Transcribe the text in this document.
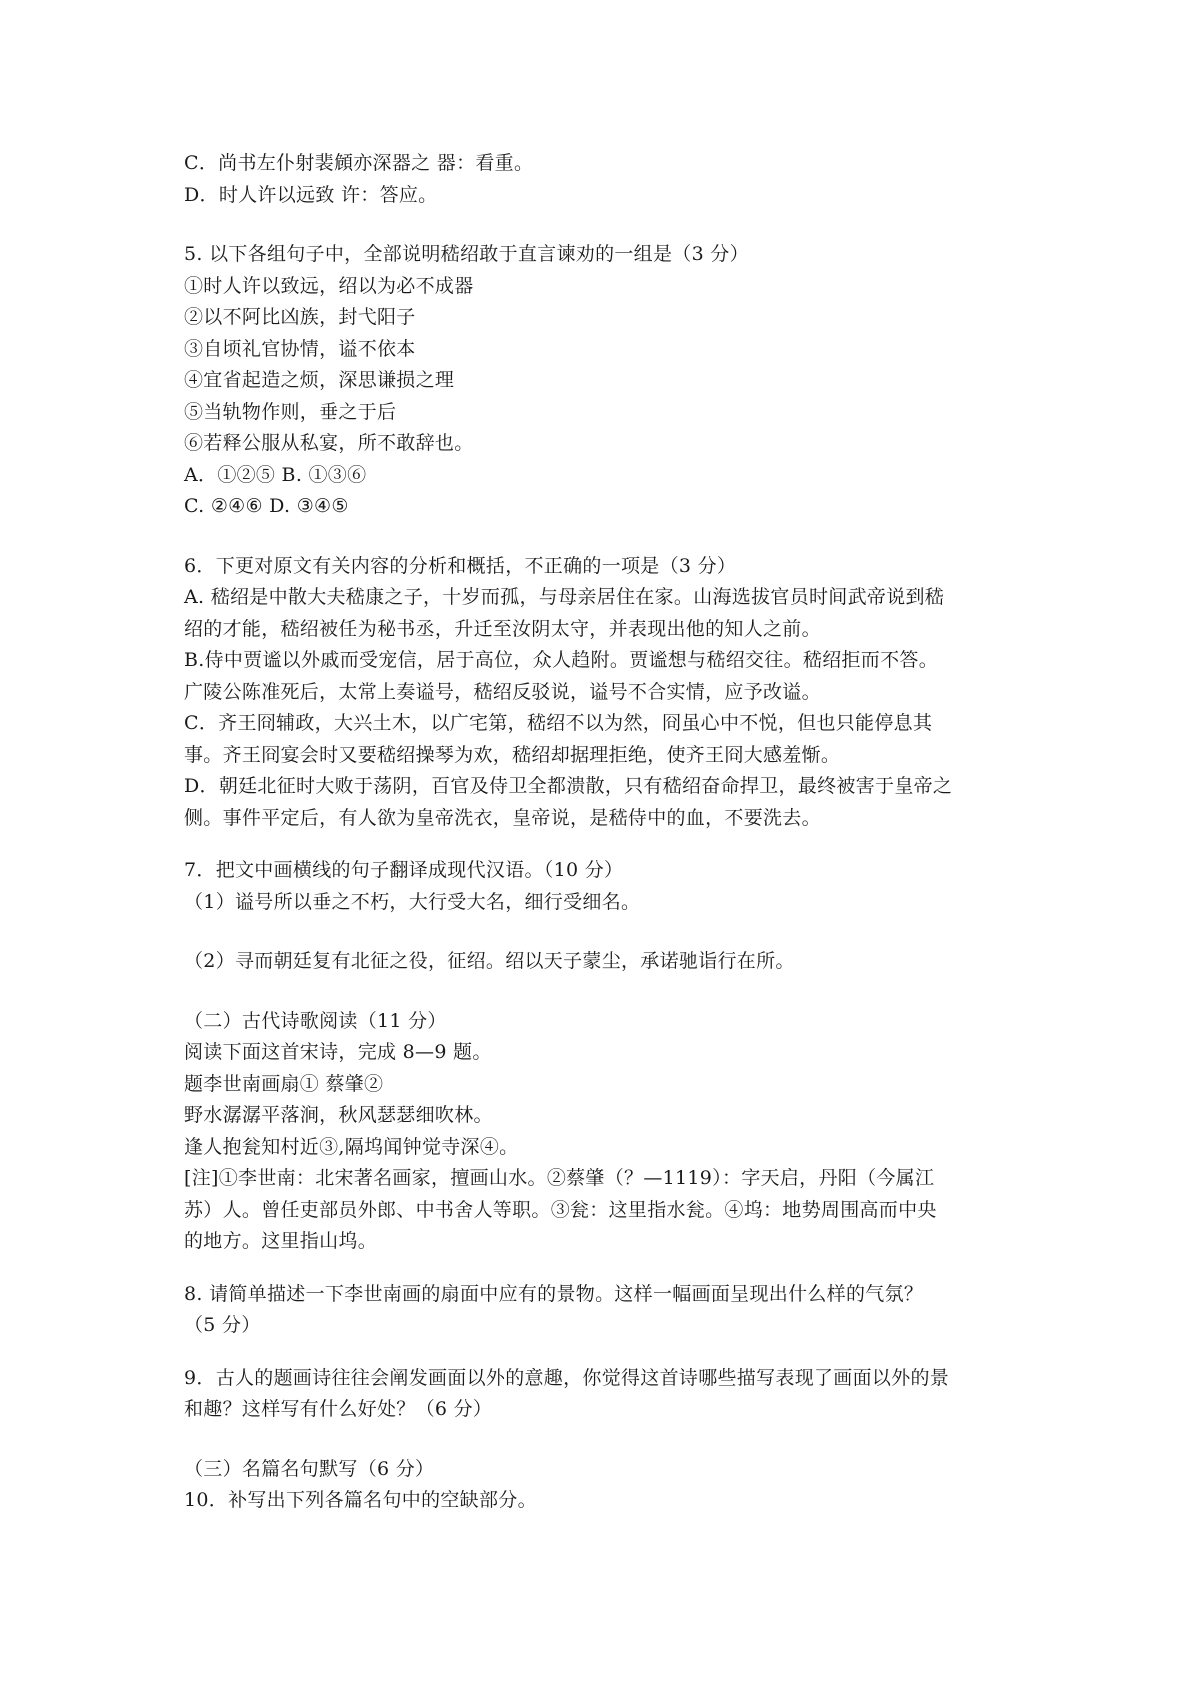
C．尚书左仆射裴頠亦深器之 器：看重。

D．时人许以远致 许：答应。

5. 以下各组句子中，全部说明嵇绍敢于直言谏劝的一组是（3 分）

①时人许以致远，绍以为必不成器

②以不阿比凶族，封弋阳子

③自顷礼官协情，谥不依本

④宜省起造之烦，深思谦损之理

⑤当轨物作则，垂之于后

⑥若释公服从私宴，所不敢辞也。

A．①②⑤ B. ①③⑥

C. ②④⑥ D. ③④⑤

6．下更对原文有关内容的分析和概括，不正确的一项是（3 分）

A. 嵇绍是中散大夫嵇康之子，十岁而孤，与母亲居住在家。山海选拔官员时间武帝说到嵇

绍的才能，嵇绍被任为秘书丞，升迁至汝阴太守，并表现出他的知人之前。

B.侍中贾谧以外戚而受宠信，居于高位，众人趋附。贾谧想与嵇绍交往。嵇绍拒而不答。

广陵公陈准死后，太常上奏谥号，嵇绍反驳说，谥号不合实情，应予改谥。

C．齐王冏辅政，大兴土木，以广宅第，嵇绍不以为然，冏虽心中不悦，但也只能停息其

事。齐王冏宴会时又要嵇绍操琴为欢，嵇绍却据理拒绝，使齐王冏大感羞惭。

D．朝廷北征时大败于荡阴，百官及侍卫全都溃散，只有嵇绍奋命捍卫，最终被害于皇帝之

侧。事件平定后，有人欲为皇帝洗衣，皇帝说，是嵇侍中的血，不要洗去。

7．把文中画横线的句子翻译成现代汉语。（10 分）

（1）谥号所以垂之不朽，大行受大名，细行受细名。

（2）寻而朝廷复有北征之役，征绍。绍以天子蒙尘，承诺驰诣行在所。

（二）古代诗歌阅读（11 分）

阅读下面这首宋诗，完成 8—9 题。

题李世南画扇① 蔡肇②

野水潺潺平落涧，秋风瑟瑟细吹林。

逢人抱瓮知村近③,隔坞闻钟觉寺深④。

[注]①李世南：北宋著名画家，擅画山水。②蔡肇（？—1119）：字天启，丹阳（今属江

苏）人。曾任吏部员外郎、中书舍人等职。③瓮：这里指水瓮。④坞：地势周围高而中央

的地方。这里指山坞。

8. 请简单描述一下李世南画的扇面中应有的景物。这样一幅画面呈现出什么样的气氛？

（5 分）

9．古人的题画诗往往会阐发画面以外的意趣，你觉得这首诗哪些描写表现了画面以外的景

和趣？这样写有什么好处？（6 分）

（三）名篇名句默写（6 分）

10．补写出下列各篇名句中的空缺部分。
